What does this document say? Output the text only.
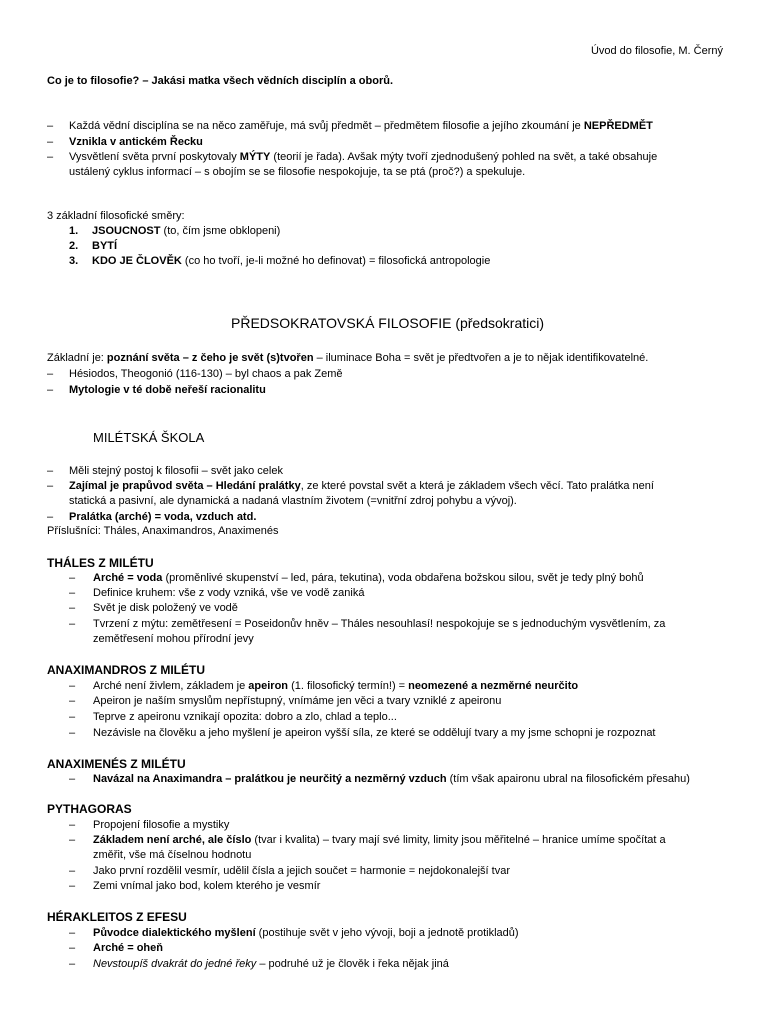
Úvod do filosofie, M. Černý
Co je to filosofie? – Jakási matka všech vědních disciplín a oborů.
– Každá vědní disciplína se na něco zaměřuje, má svůj předmět – předmětem filosofie a jejího zkoumání je NEPŘEDMĚT
– Vznikla v antickém Řecku
– Vysvětlení světa první poskytovaly MÝTY (teorií je řada). Avšak mýty tvoří zjednodušený pohled na svět, a také obsahuje
ustálený cyklus informací – s obojím se se filosofie nespokojuje, ta se ptá (proč?) a spekuluje.
3 základní filosofické směry:
1. JSOUCNOST (to, čím jsme obklopeni)
2. BYTÍ
3. KDO JE ČLOVĚK (co ho tvoří, je-li možné ho definovat) = filosofická antropologie
PŘEDSOKRATOVSKÁ FILOSOFIE (předsokratici)
Základní je: poznání světa – z čeho je svět (s)tvořen – iluminace Boha = svět je předtvořen a je to nějak identifikovatelné.
– Hésiodos, Theogonió (116-130) – byl chaos a pak Země
– Mytologie v té době neřeší racionalitu
MILÉTSKÁ ŠKOLA
– Měli stejný postoj k filosofii – svět jako celek
– Zajímal je prapůvod světa – Hledání pralátky, ze které povstal svět a která je základem všech věcí. Tato pralátka není
statická a pasivní, ale dynamická a nadaná vlastním životem (=vnitřní zdroj pohybu a vývoj).
– Pralátka (arché) = voda, vzduch atd.
Příslušníci: Tháles, Anaximandros, Anaximenés
THÁLES Z MILÉTU
– Arché = voda (proměnlivé skupenství – led, pára, tekutina), voda obdařena božskou silou, svět je tedy plný bohů
– Definice kruhem: vše z vody vzniká, vše ve vodě zaniká
– Svět je disk položený ve vodě
– Tvrzení z mýtu: zemětřesení = Poseidonův hněv – Tháles nesouhlasí! nespokojuje se s jednoduchým vysvětlením, za
zemětřesení mohou přírodní jevy
ANAXIMANDROS Z MILÉTU
– Arché není živlem, základem je apeiron (1. filosofický termín!) = neomezené a nezměrné neurčito
– Apeiron je naším smyslům nepřístupný, vnímáme jen věci a tvary vzniklé z apeironu
– Teprve z apeironu vznikají opozita: dobro a zlo, chlad a teplo...
– Nezávisle na člověku a jeho myšlení je apeiron vyšší síla, ze které se oddělují tvary a my jsme schopni je rozpoznat
ANAXIMENÉS Z MILÉTU
– Navázal na Anaximandra – pralátkou je neurčitý a nezměrný vzduch (tím však apaironu ubral na filosofickém přesahu)
PYTHAGORAS
– Propojení filosofie a mystiky
– Základem není arché, ale číslo (tvar i kvalita) – tvary mají své limity, limity jsou měřitelné – hranice umíme spočítat a
změřit, vše má číselnou hodnotu
– Jako první rozdělil vesmír, udělil čísla a jejich součet = harmonie = nejdokonalejší tvar
– Zemi vnímal jako bod, kolem kterého je vesmír
HÉRAKLEITOS Z EFESU
– Původce dialektického myšlení (postihuje svět v jeho vývoji, boji a jednotě protikladů)
– Arché = oheň
– Nevstoupíš dvakrát do jedné řeky – podruhé už je člověk i řeka nějak jiná
